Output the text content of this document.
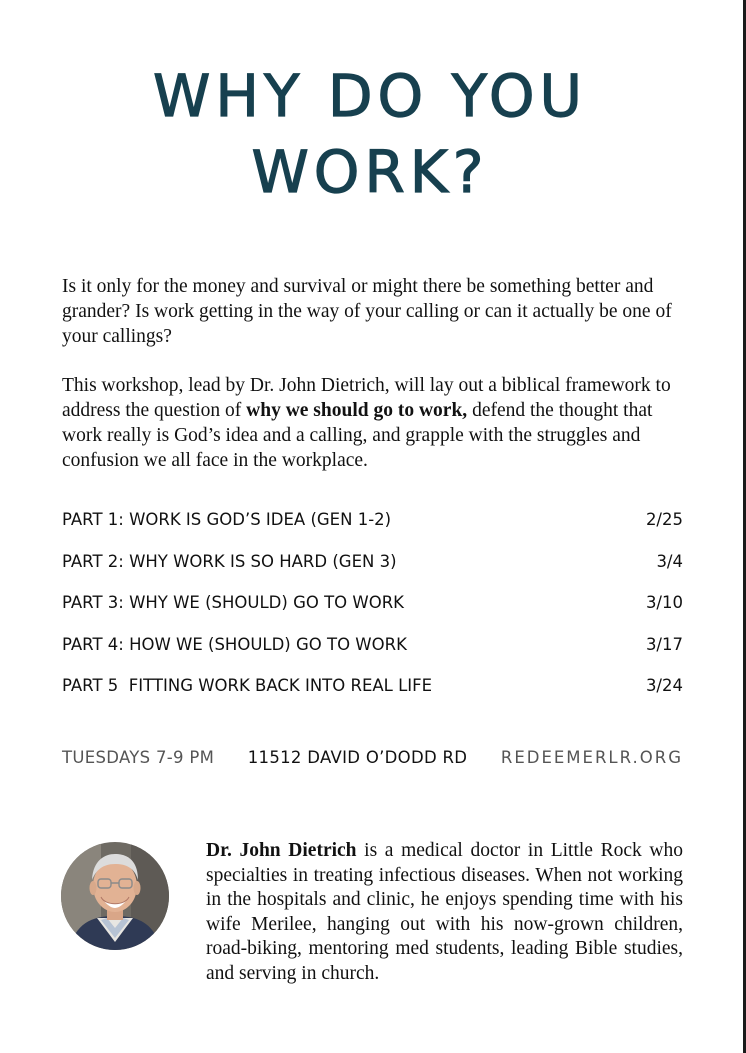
WHY DO YOU
WORK?

Is it only for the money and survival or might there be something better and grander? Is work getting in the way of your calling or can it actually be one of your callings?

This workshop, lead by Dr. John Dietrich, will lay out a biblical framework to address the question of why we should go to work, defend the thought that work really is God’s idea and a calling, and grapple with the struggles and confusion we all face in the workplace.

PART 1: WORK IS GOD’S IDEA (GEN 1-2)	2/25
PART 2: WHY WORK IS SO HARD (GEN 3)	3/4
PART 3: WHY WE (SHOULD) GO TO WORK	3/10
PART 4: HOW WE (SHOULD) GO TO WORK	3/17
PART 5  FITTING WORK BACK INTO REAL LIFE	3/24
TUESDAYS 7-9 PM 11512 DAVID O’DODD RD REDEEMERLR.ORG

Dr. John Dietrich is a medical doctor in Little Rock who specialties in treating infectious diseases. When not working in the hospitals and clinic, he enjoys spending time with his wife Merilee, hanging out with his now-grown children, road-biking, mentoring med students, leading Bible studies, and serving in church.
